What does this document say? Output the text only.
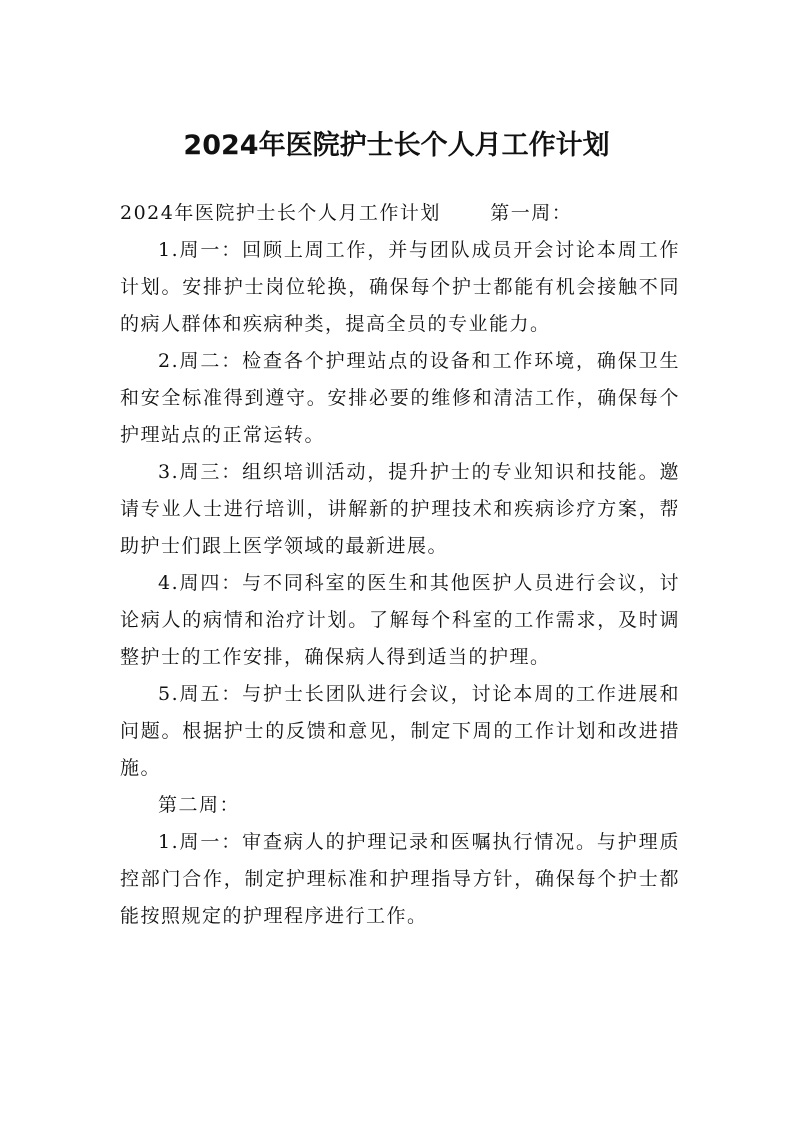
2024年医院护士长个人月工作计划

2024年医院护士长个人月工作计划	第一周：

1.周一：回顾上周工作，并与团队成员开会讨论本周工作计划。安排护士岗位轮换，确保每个护士都能有机会接触不同的病人群体和疾病种类，提高全员的专业能力。

2.周二：检查各个护理站点的设备和工作环境，确保卫生和安全标准得到遵守。安排必要的维修和清洁工作，确保每个护理站点的正常运转。

3.周三：组织培训活动，提升护士的专业知识和技能。邀请专业人士进行培训，讲解新的护理技术和疾病诊疗方案，帮助护士们跟上医学领域的最新进展。

4.周四：与不同科室的医生和其他医护人员进行会议，讨论病人的病情和治疗计划。了解每个科室的工作需求，及时调整护士的工作安排，确保病人得到适当的护理。

5.周五：与护士长团队进行会议，讨论本周的工作进展和问题。根据护士的反馈和意见，制定下周的工作计划和改进措施。

第二周：

1.周一：审查病人的护理记录和医嘱执行情况。与护理质控部门合作，制定护理标准和护理指导方针，确保每个护士都能按照规定的护理程序进行工作。
